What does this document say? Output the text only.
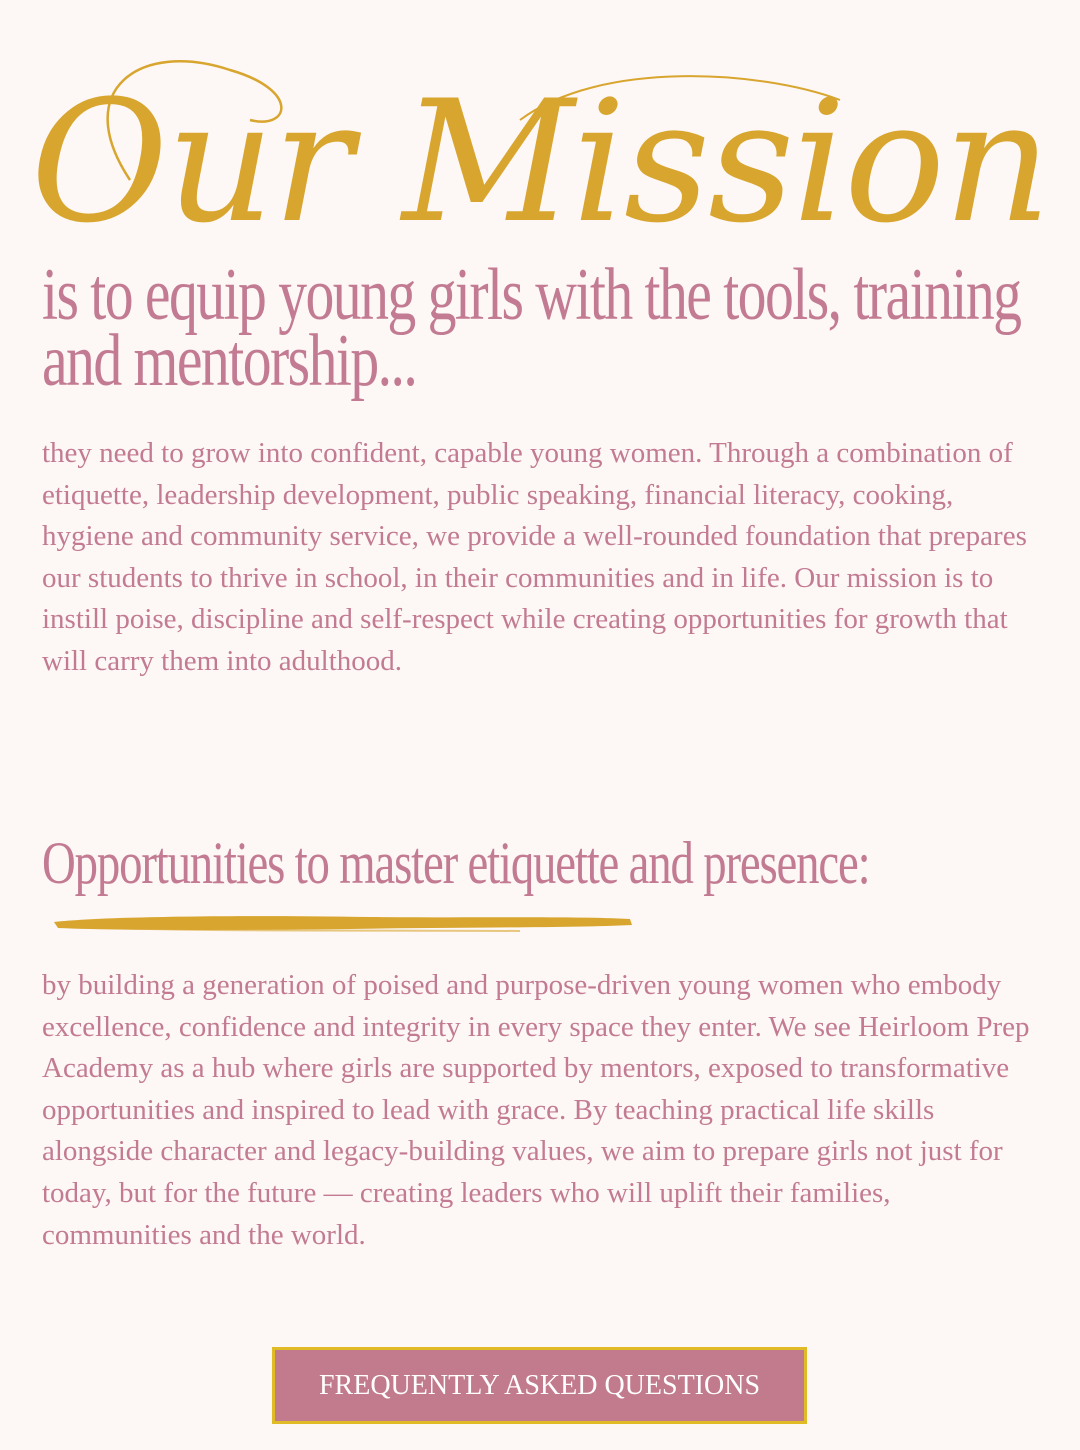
Our Mission
is to equip young girls with the tools, training and mentorship...

they need to grow into confident, capable young women. Through a combination of etiquette, leadership development, public speaking, financial literacy, cooking, hygiene and community service, we provide a well-rounded foundation that prepares our students to thrive in school, in their communities and in life. Our mission is to instill poise, discipline and self-respect while creating opportunities for growth that will carry them into adulthood.

Opportunities to master etiquette and presence:

by building a generation of poised and purpose-driven young women who embody excellence, confidence and integrity in every space they enter. We see Heirloom Prep Academy as a hub where girls are supported by mentors, exposed to transformative opportunities and inspired to lead with grace. By teaching practical life skills alongside character and legacy-building values, we aim to prepare girls not just for today, but for the future — creating leaders who will uplift their families, communities and the world.

FREQUENTLY ASKED QUESTIONS
